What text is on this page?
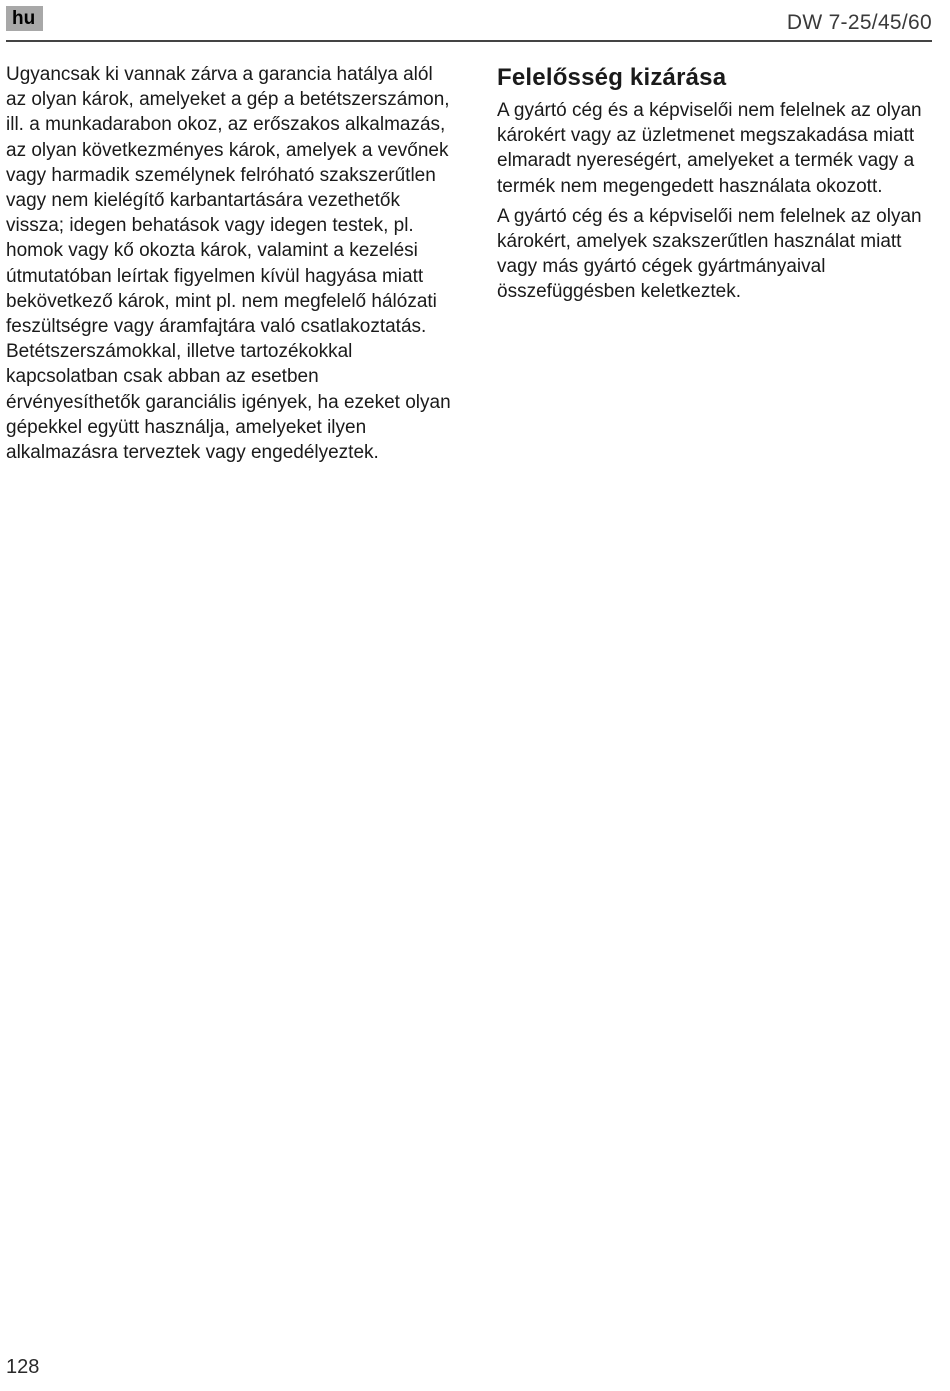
hu	DW 7-25/45/60

Ugyancsak ki vannak zárva a garancia hatálya alól az olyan károk, amelyeket a gép a betétszerszámon, ill. a munkadarabon okoz, az erőszakos alkalmazás, az olyan következményes károk, amelyek a vevőnek vagy harmadik személynek felróható szakszerűtlen vagy nem kielégítő karbantartására vezethetők vissza; idegen behatások vagy idegen testek, pl. homok vagy kő okozta károk, valamint a kezelési útmutatóban leírtak figyelmen kívül hagyása miatt bekövetkező károk, mint pl. nem megfelelő hálózati feszültségre vagy áramfajtára való csatlakoztatás. Betétszerszámokkal, illetve tartozékokkal kapcsolatban csak abban az esetben érvényesíthetők garanciális igények, ha ezeket olyan gépekkel együtt használja, amelyeket ilyen alkalmazásra terveztek vagy engedélyeztek.

Felelősség kizárása

A gyártó cég és a képviselői nem felelnek az olyan károkért vagy az üzletmenet megszakadása miatt elmaradt nyereségért, amelyeket a termék vagy a termék nem megengedett használata okozott.

A gyártó cég és a képviselői nem felelnek az olyan károkért, amelyek szakszerűtlen használat miatt vagy más gyártó cégek gyártmányaival összefüggésben keletkeztek.

128
